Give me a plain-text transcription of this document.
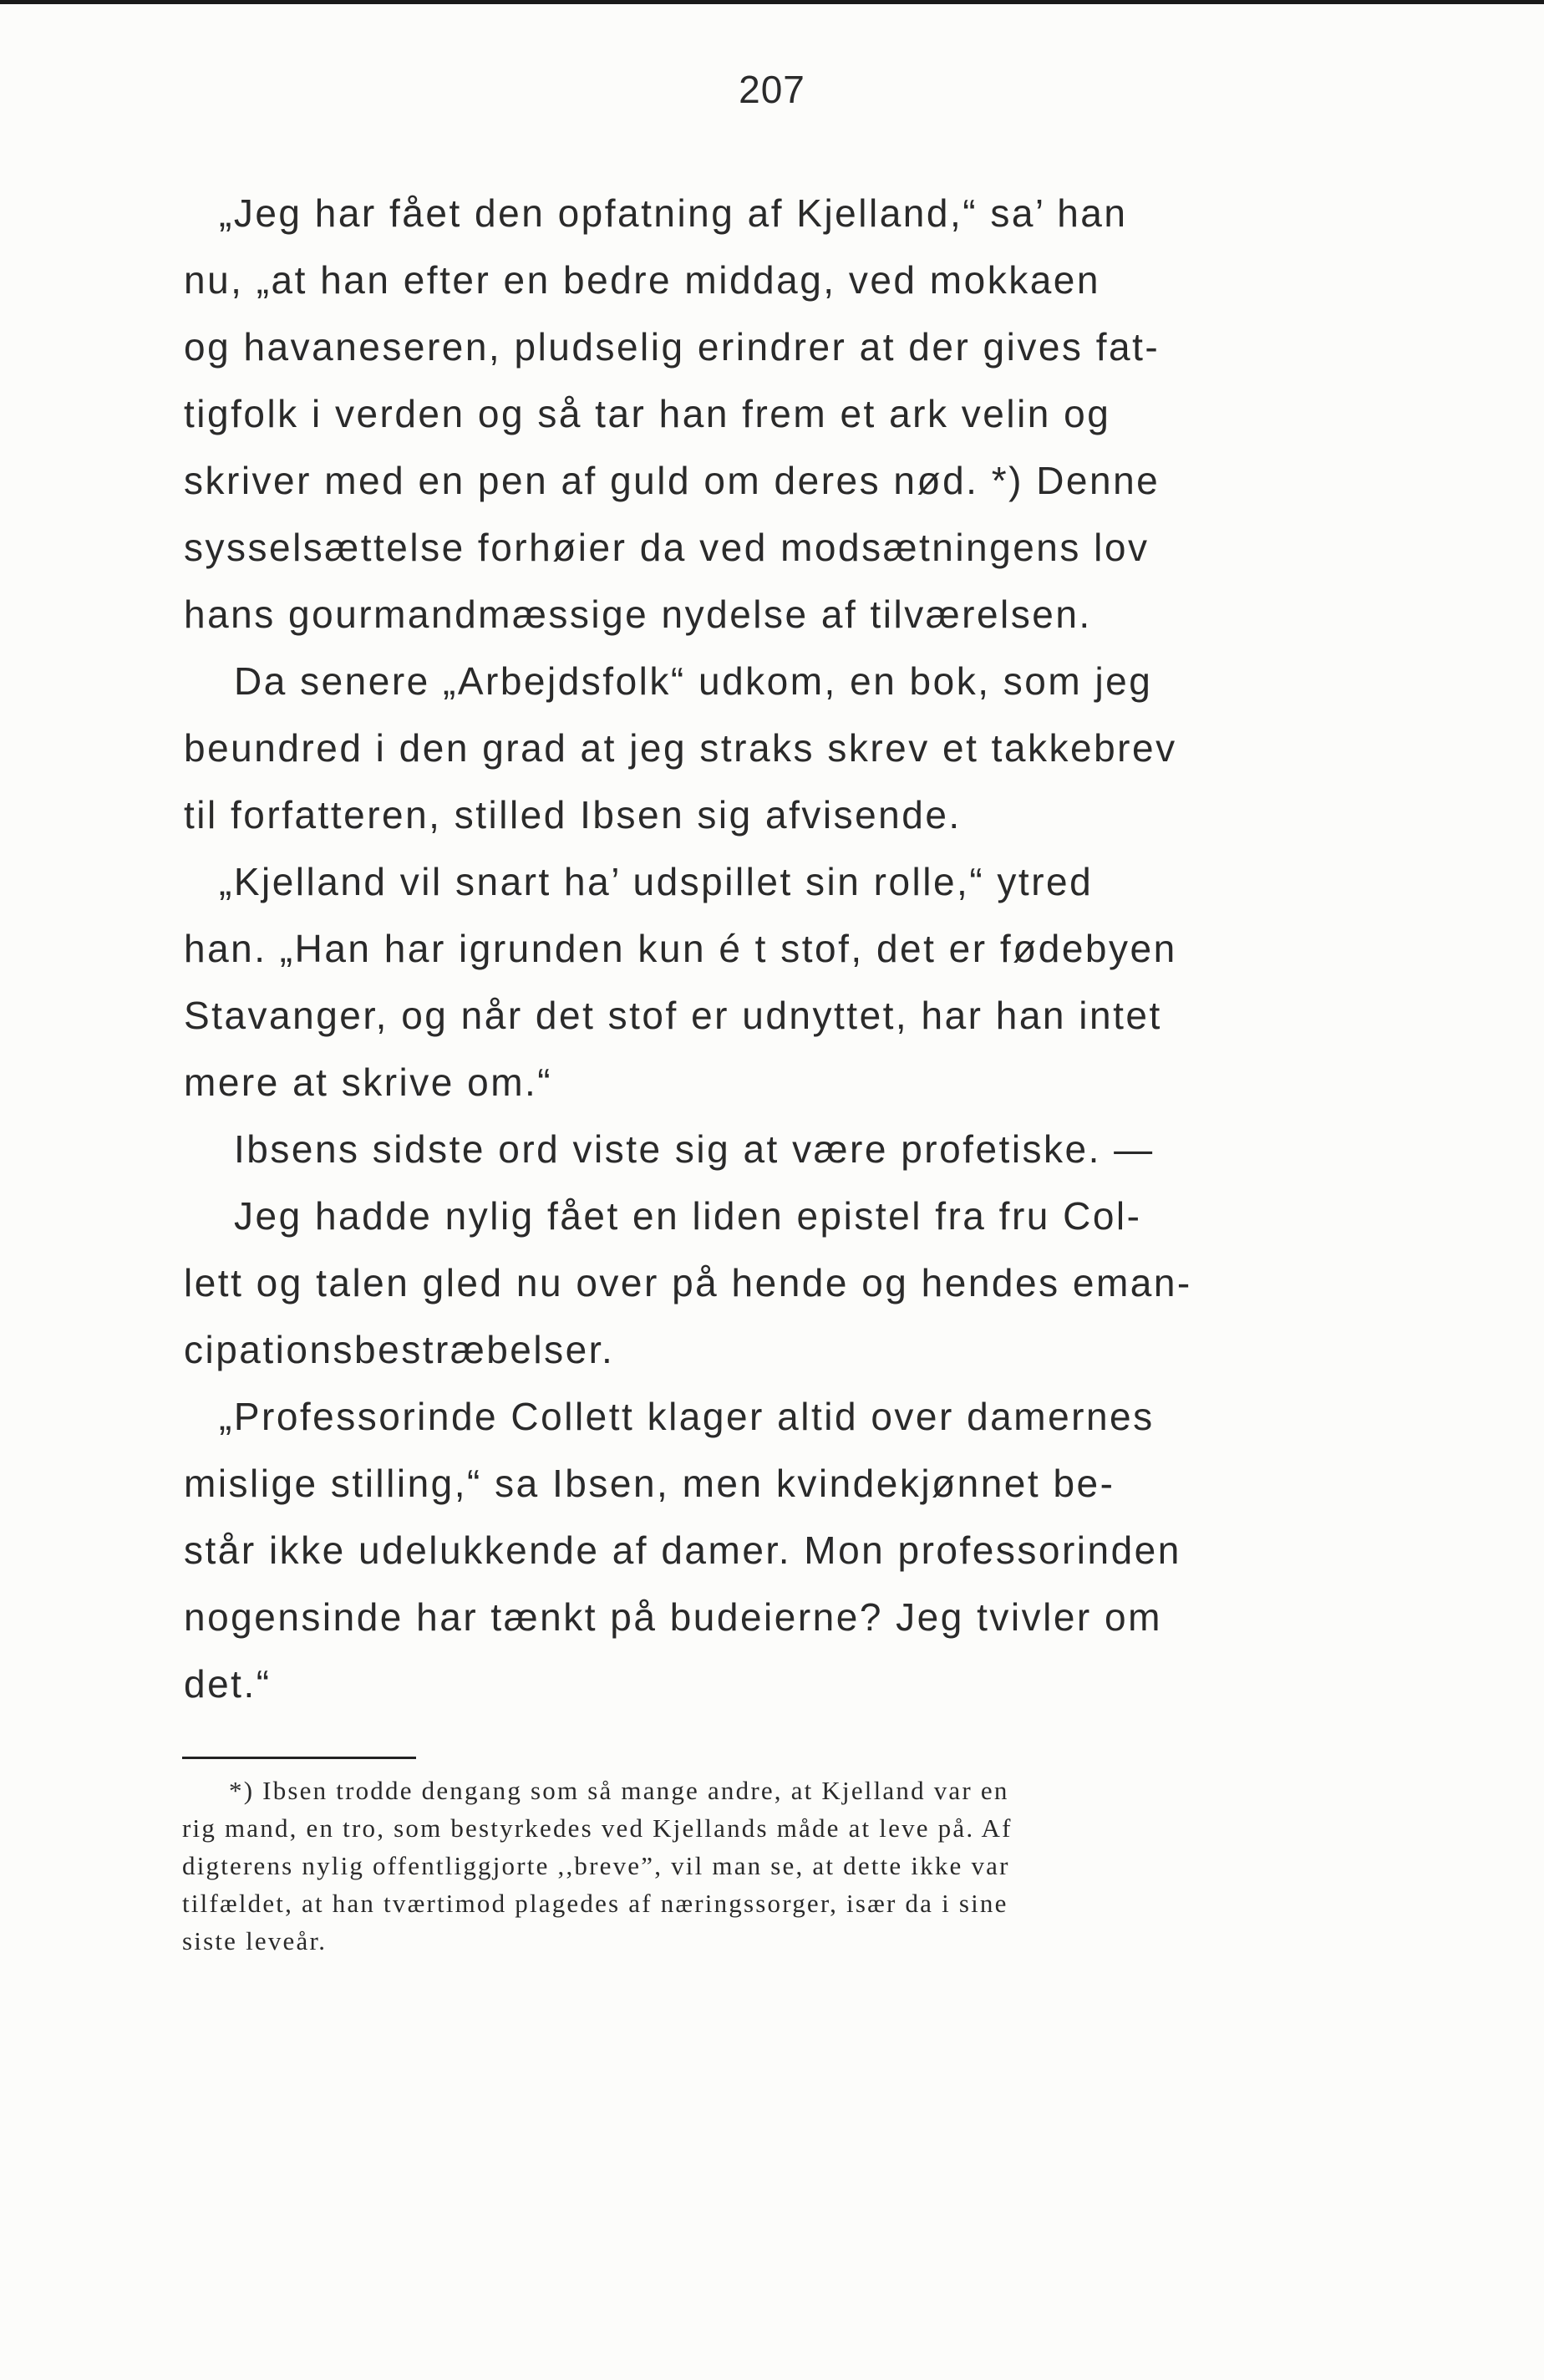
207
„Jeg har fået den opfatning af Kjelland,“ sa’ han
nu, „at han efter en bedre middag, ved mokkaen
og havaneseren, pludselig erindrer at der gives fat-
tigfolk i verden og så tar han frem et ark velin og
skriver med en pen af guld om deres nød. *) Denne
sysselsættelse forhøier da ved modsætningens lov
hans gourmandmæssige nydelse af tilværelsen.
Da senere „Arbejdsfolk“ udkom, en bok, som jeg
beundred i den grad at jeg straks skrev et takkebrev
til forfatteren, stilled Ibsen sig afvisende.
„Kjelland vil snart ha’ udspillet sin rolle,“ ytred
han. „Han har igrunden kun é t stof, det er fødebyen
Stavanger, og når det stof er udnyttet, har han intet
mere at skrive om.“
Ibsens sidste ord viste sig at være profetiske. —
Jeg hadde nylig fået en liden epistel fra fru Col-
lett og talen gled nu over på hende og hendes eman-
cipationsbestræbelser.
„Professorinde Collett klager altid over damernes
mislige stilling,“ sa Ibsen, men kvindekjønnet be-
står ikke udelukkende af damer. Mon professorinden
nogensinde har tænkt på budeierne? Jeg tvivler om
det.“
*) Ibsen trodde dengang som så mange andre, at Kjelland var en
rig mand, en tro, som bestyrkedes ved Kjellands måde at leve på. Af
digterens nylig offentliggjorte ,,breve”, vil man se, at dette ikke var
tilfældet, at han tværtimod plagedes af næringssorger, især da i sine
siste leveår.
